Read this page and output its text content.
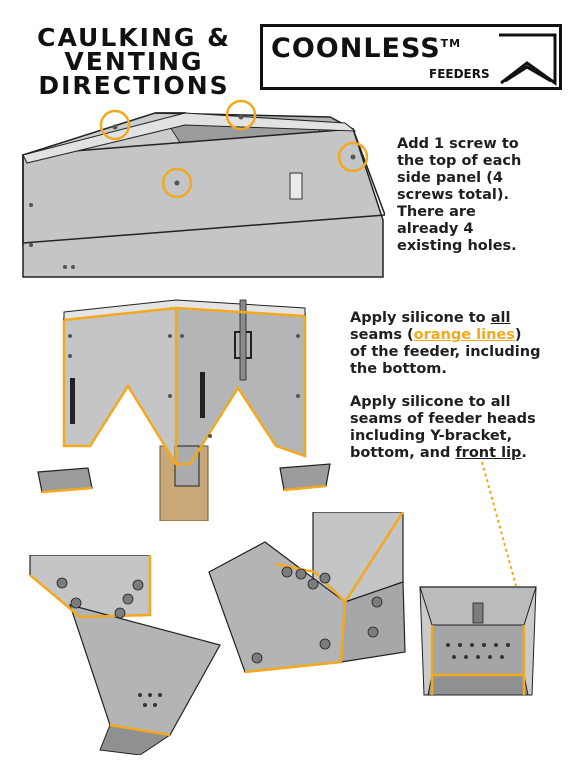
CAULKING &
VENTING
DIRECTIONS
COONLESS™
FEEDERS
Add 1 screw to
the top of each
side panel (4
screws total).
There are
already 4
existing holes.
Apply silicone to all
seams (orange lines)
of the feeder, including
the bottom.
Apply silicone to all
seams of feeder heads
including Y-bracket,
bottom, and front lip.
